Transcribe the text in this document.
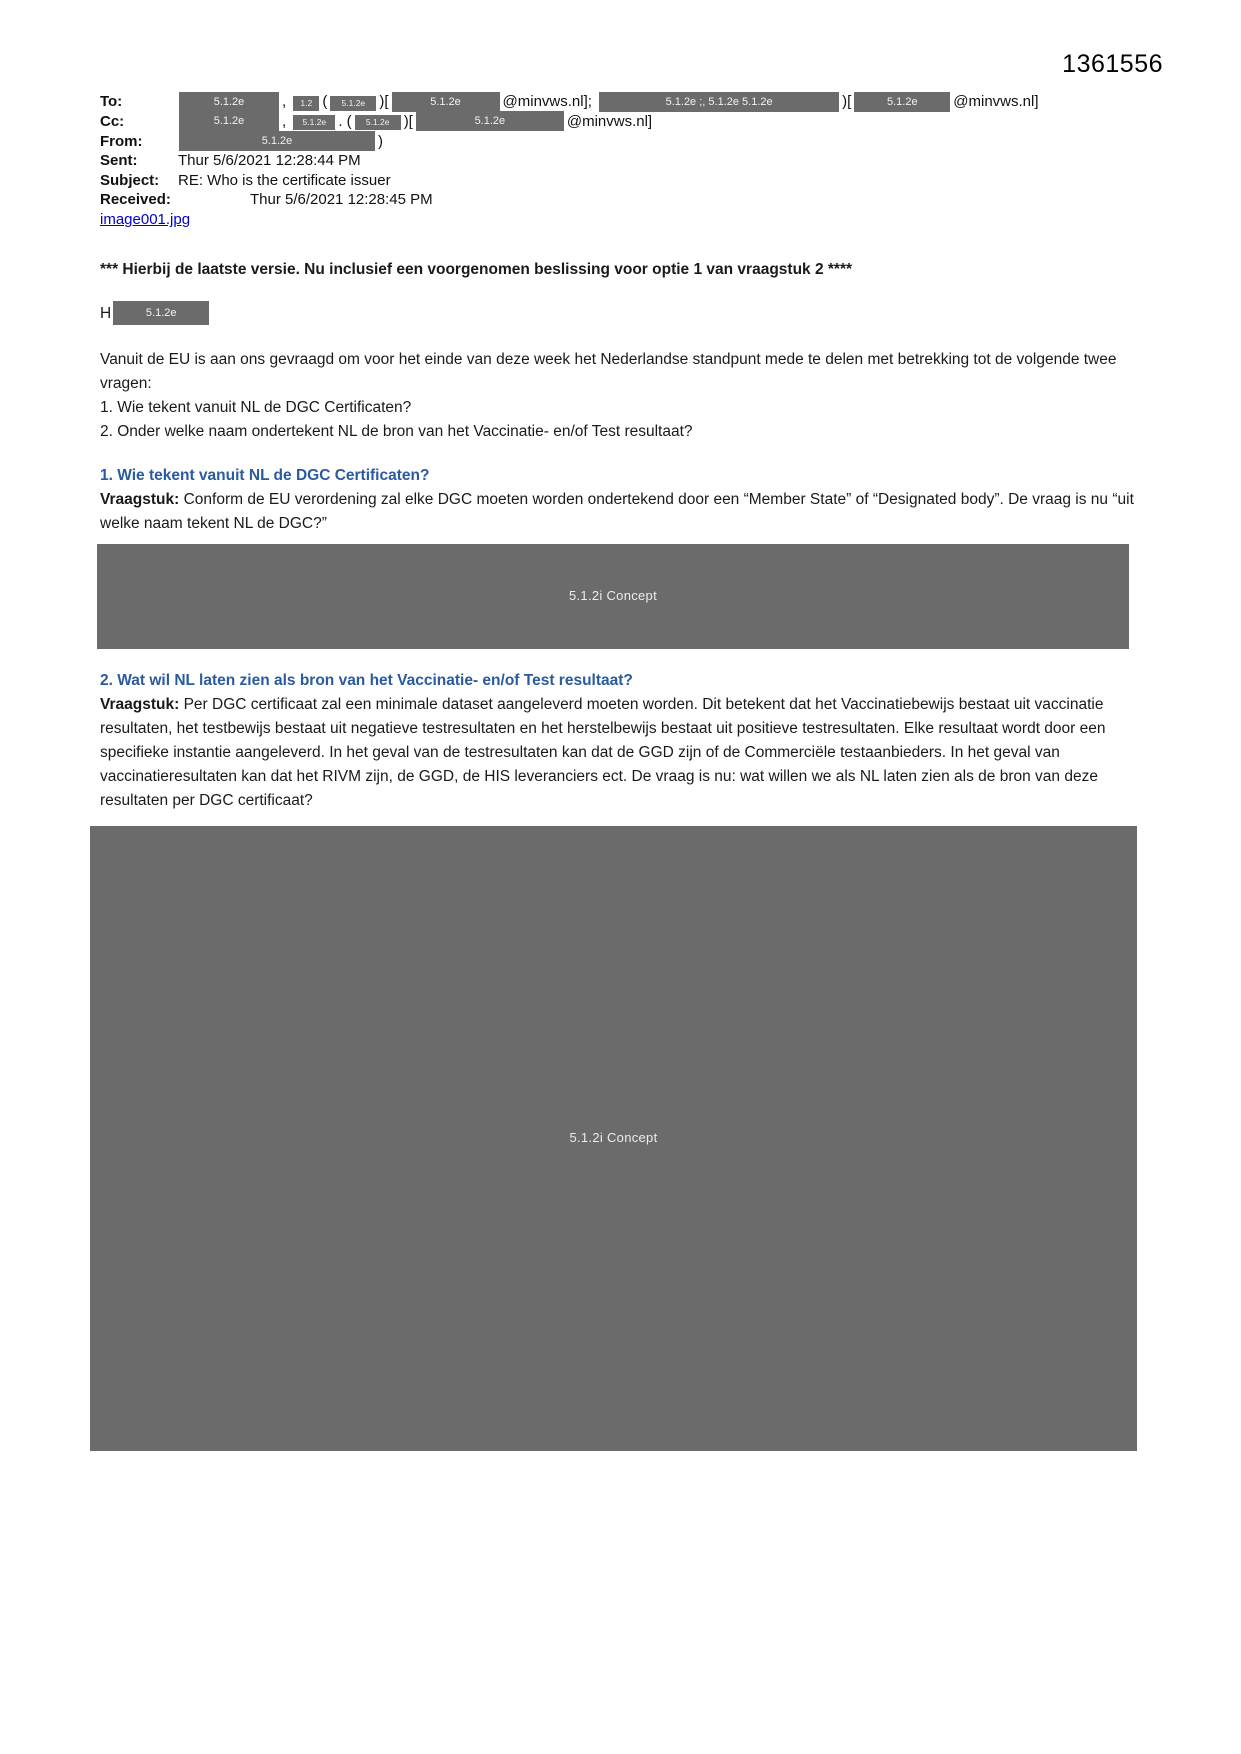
1361556
To:	5.1.2e	, 1.2 ( 5.1.2e )[	5.1.2e	@minvws.nl];	5.1.2e ;, 5.1.2e 5.1.2e	)[	5.1.2e @minvws.nl]
Cc:	5.1.2e	, 5.1.2e . ( 5.1.2e )[	5.1.2e	@minvws.nl]
From:	5.1.2e	)
Sent:	Thur 5/6/2021 12:28:44 PM
Subject:	RE: Who is the certificate issuer
Received:	Thur 5/6/2021 12:28:45 PM
image001.jpg
*** Hierbij de laatste versie. Nu inclusief een voorgenomen beslissing voor optie 1 van vraagstuk 2 ****
H	5.1.2e
Vanuit de EU is aan ons gevraagd om voor het einde van deze week het Nederlandse standpunt mede te delen met betrekking tot de volgende twee vragen:
1. Wie tekent vanuit NL de DGC Certificaten?
2. Onder welke naam ondertekent NL de bron van het Vaccinatie- en/of Test resultaat?
1. Wie tekent vanuit NL de DGC Certificaten?
Vraagstuk: Conform de EU verordening zal elke DGC moeten worden ondertekend door een “Member State” of “Designated body”. De vraag is nu “uit welke naam tekent NL de DGC?”
5.1.2i Concept
2. Wat wil NL laten zien als bron van het Vaccinatie- en/of Test resultaat?
Vraagstuk: Per DGC certificaat zal een minimale dataset aangeleverd moeten worden. Dit betekent dat het Vaccinatiebewijs bestaat uit vaccinatie resultaten, het testbewijs bestaat uit negatieve testresultaten en het herstelbewijs bestaat uit positieve testresultaten. Elke resultaat wordt door een specifieke instantie aangeleverd. In het geval van de testresultaten kan dat de GGD zijn of de Commerciële testaanbieders. In het geval van vaccinatieresultaten kan dat het RIVM zijn, de GGD, de HIS leveranciers ect. De vraag is nu: wat willen we als NL laten zien als de bron van deze resultaten per DGC certificaat?
5.1.2i Concept
